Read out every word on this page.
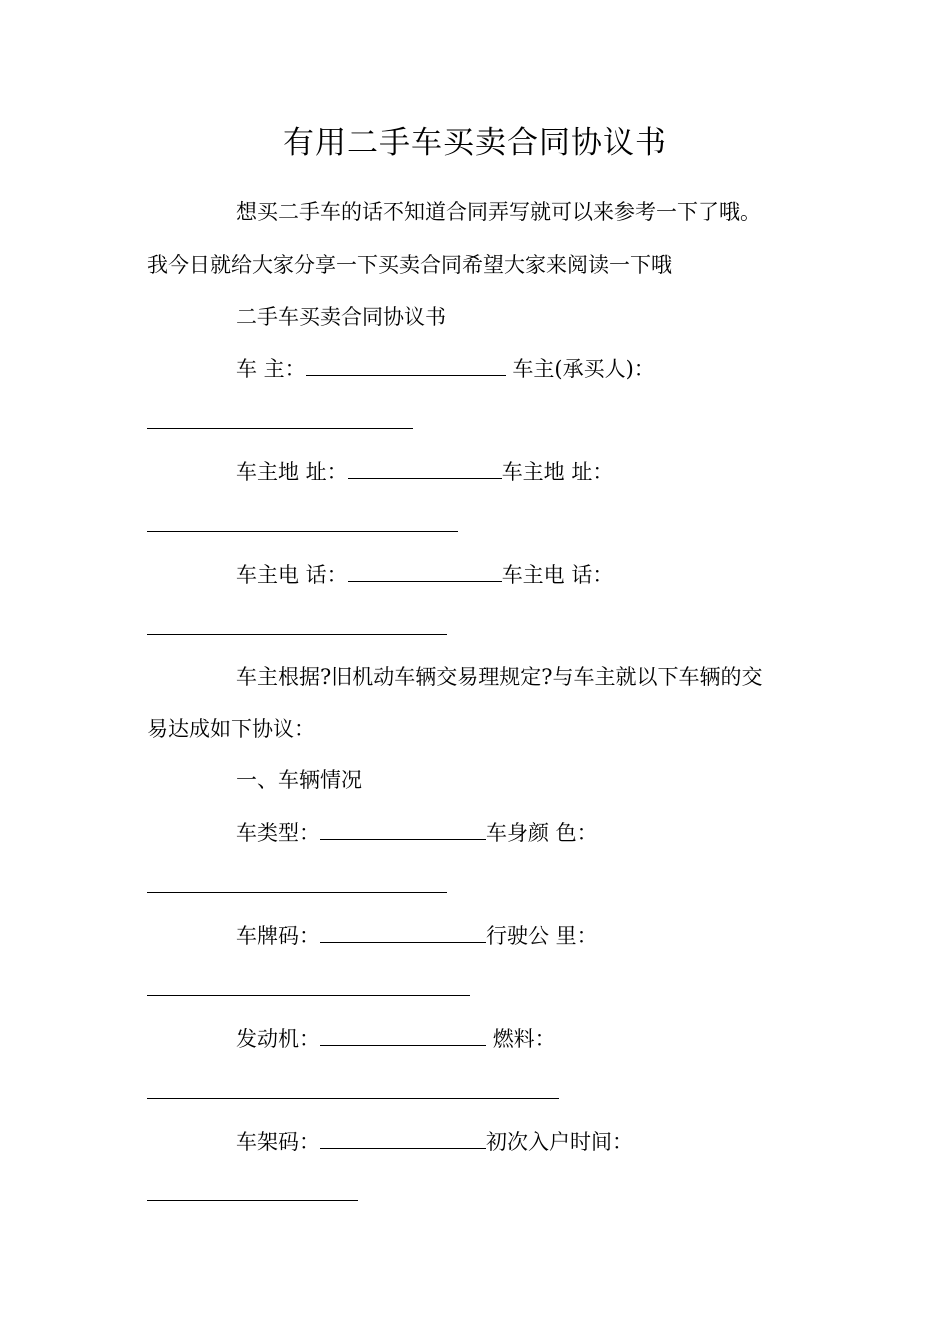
有用二手车买卖合同协议书
想买二手车的话不知道合同弄写就可以来参考一下了哦。
我今日就给大家分享一下买卖合同希望大家来阅读一下哦
二手车买卖合同协议书
车 主：	车主(承买人)：
车主地 址：	车主地 址：
车主电 话：	车主电 话：
车主根据?旧机动车辆交易理规定?与车主就以下车辆的交
易达成如下协议：
一、车辆情况
车类型：	车身颜 色：
车牌码：	行驶公 里：
发动机：	燃料：
车架码：	初次入户时间：
